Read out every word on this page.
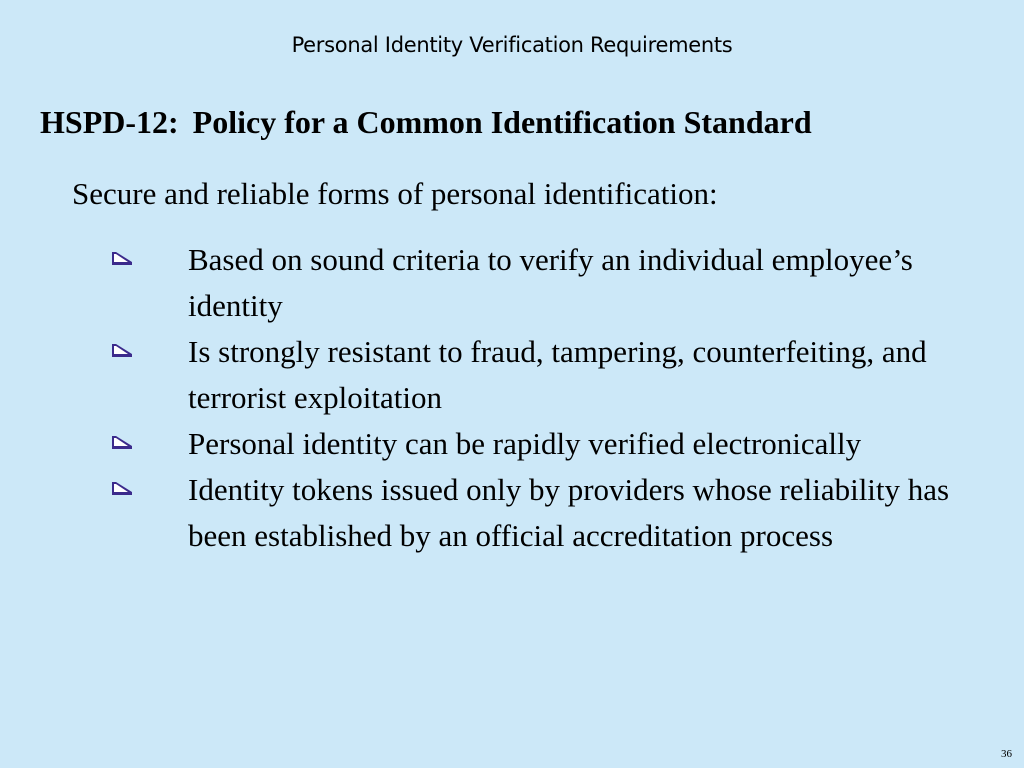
Personal Identity Verification Requirements
HSPD-12: Policy for a Common Identification Standard
Secure and reliable forms of personal identification:
Based on sound criteria to verify an individual employee’s identity
Is strongly resistant to fraud, tampering, counterfeiting, and terrorist exploitation
Personal identity can be rapidly verified electronically
Identity tokens issued only by providers whose reliability has been established by an official accreditation process
36
